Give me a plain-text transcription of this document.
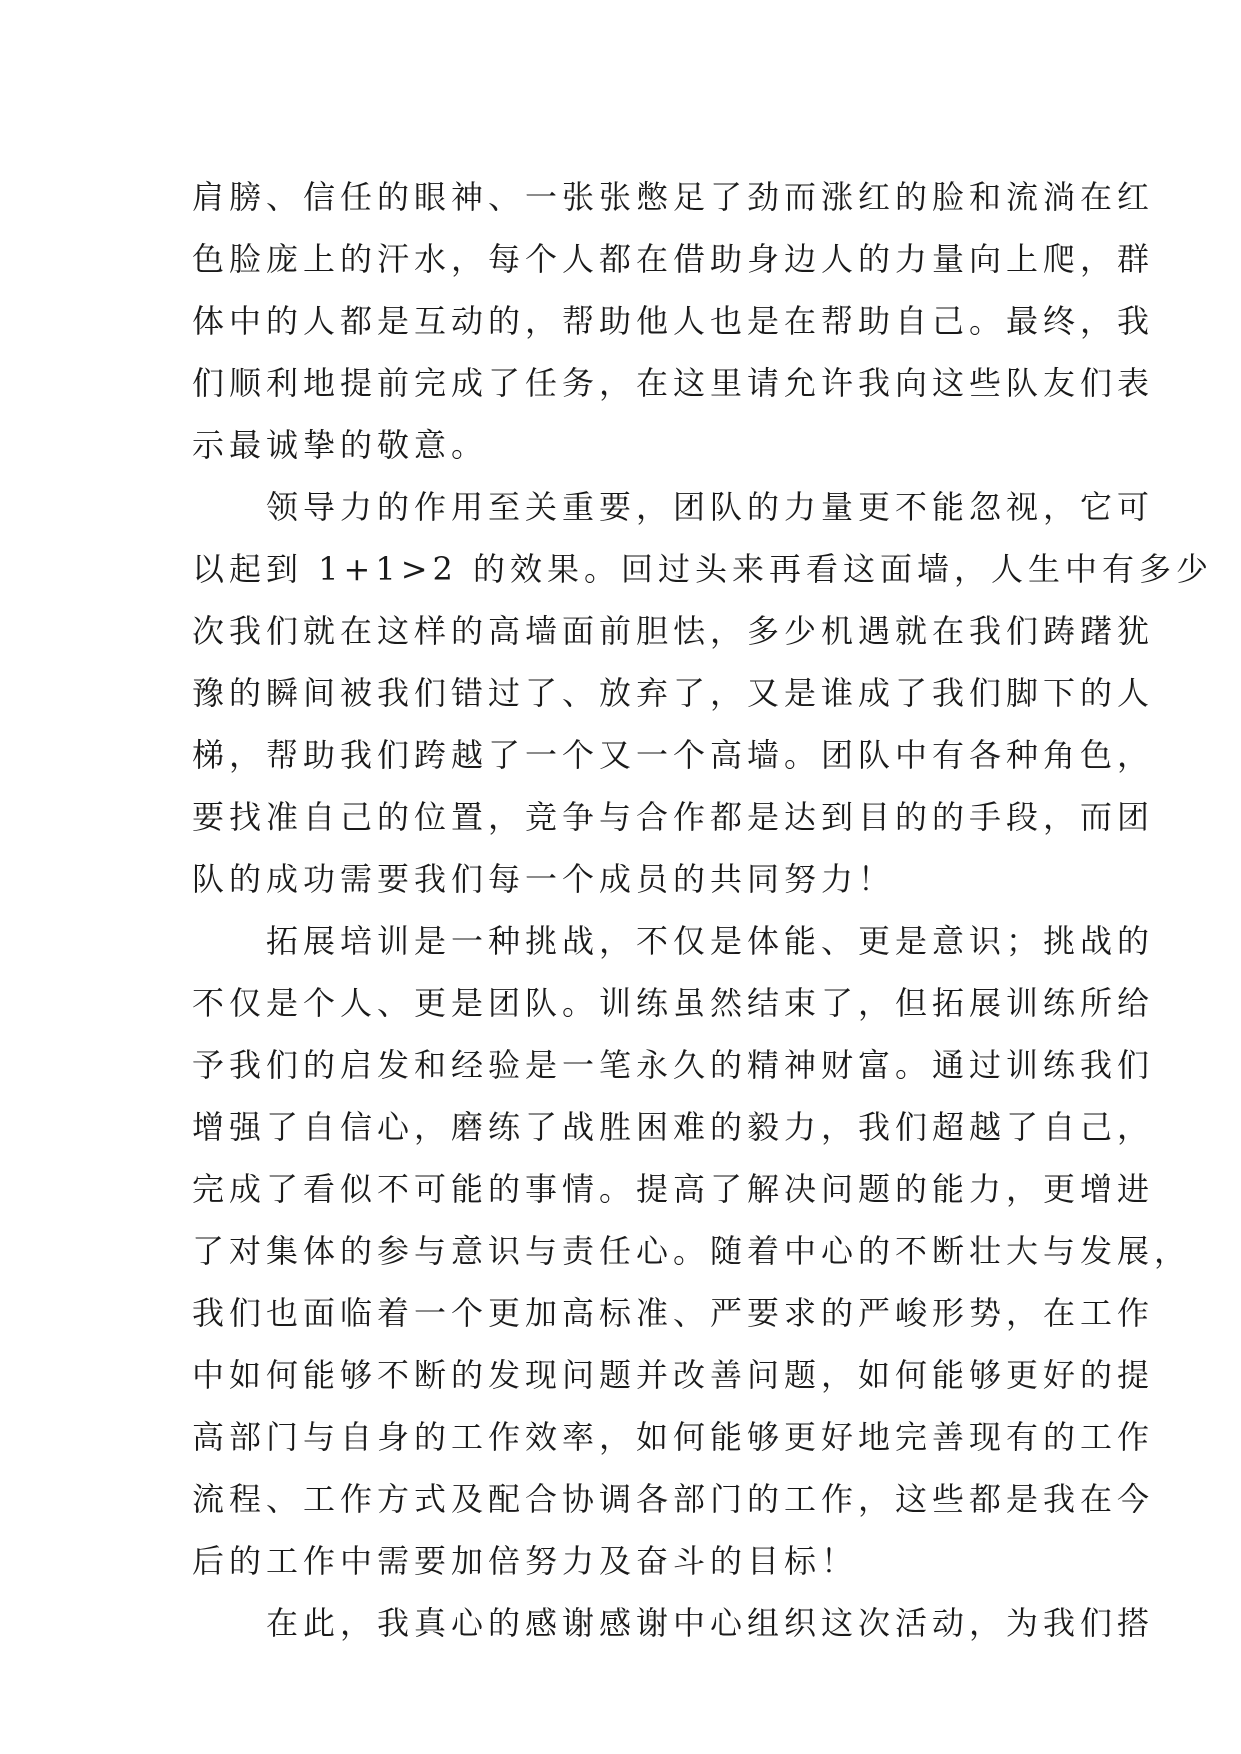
肩膀、信任的眼神、一张张憋足了劲而涨红的脸和流淌在红
色脸庞上的汗水，每个人都在借助身边人的力量向上爬，群
体中的人都是互动的，帮助他人也是在帮助自己。最终，我
们顺利地提前完成了任务，在这里请允许我向这些队友们表
示最诚挚的敬意。
领导力的作用至关重要，团队的力量更不能忽视，它可
以起到 1+1>2 的效果。回过头来再看这面墙，人生中有多少
次我们就在这样的高墙面前胆怯，多少机遇就在我们踌躇犹
豫的瞬间被我们错过了、放弃了，又是谁成了我们脚下的人
梯，帮助我们跨越了一个又一个高墙。团队中有各种角色，
要找准自己的位置，竞争与合作都是达到目的的手段，而团
队的成功需要我们每一个成员的共同努力！
拓展培训是一种挑战，不仅是体能、更是意识；挑战的
不仅是个人、更是团队。训练虽然结束了，但拓展训练所给
予我们的启发和经验是一笔永久的精神财富。通过训练我们
增强了自信心，磨练了战胜困难的毅力，我们超越了自己，
完成了看似不可能的事情。提高了解决问题的能力，更增进
了对集体的参与意识与责任心。随着中心的不断壮大与发展，
我们也面临着一个更加高标准、严要求的严峻形势，在工作
中如何能够不断的发现问题并改善问题，如何能够更好的提
高部门与自身的工作效率，如何能够更好地完善现有的工作
流程、工作方式及配合协调各部门的工作，这些都是我在今
后的工作中需要加倍努力及奋斗的目标！
在此，我真心的感谢感谢中心组织这次活动，为我们搭
